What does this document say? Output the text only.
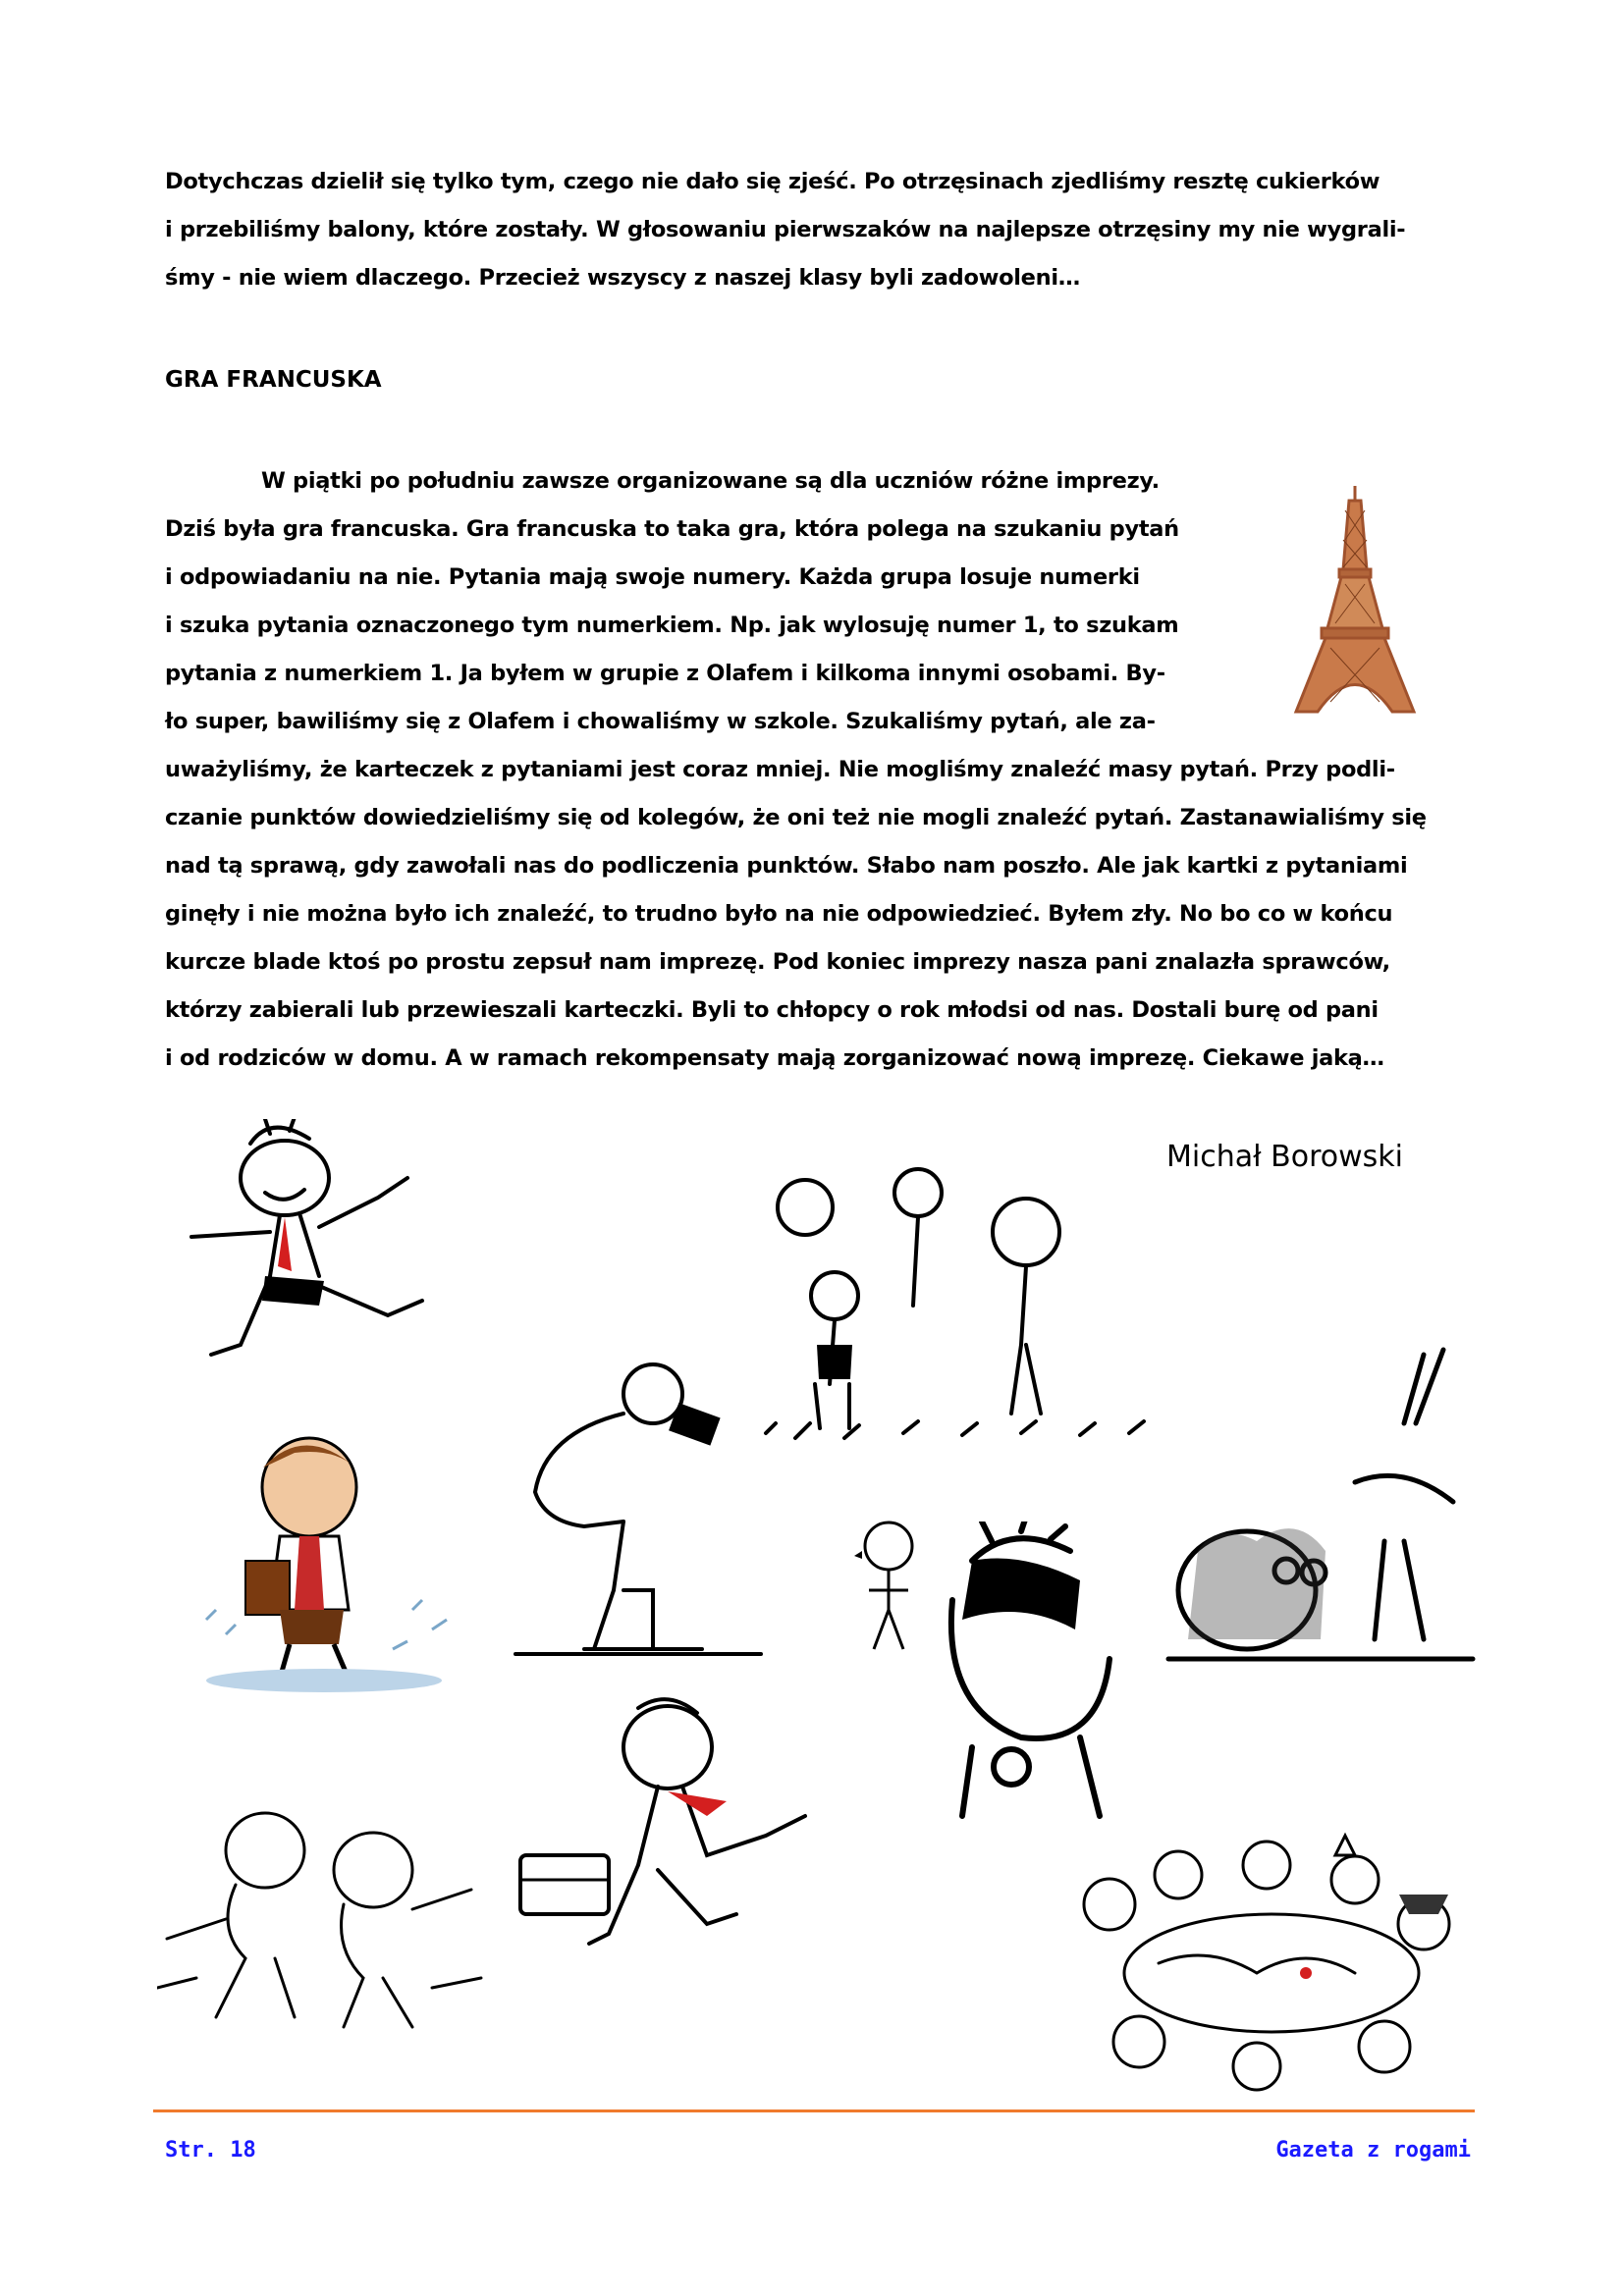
Dotychczas dzielił się tylko tym, czego nie dało się zjeść. Po otrzęsinach zjedliśmy resztę cukierków
i przebiliśmy balony, które zostały. W głosowaniu pierwszaków na najlepsze otrzęsiny my nie wygrali-
śmy - nie wiem dlaczego. Przecież wszyscy z naszej klasy byli zadowoleni…
GRA FRANCUSKA
W piątki po południu zawsze organizowane są dla uczniów różne imprezy.
Dziś była gra francuska. Gra francuska to taka gra, która polega na szukaniu pytań
i odpowiadaniu na nie. Pytania mają swoje numery. Każda grupa losuje numerki
i szuka pytania oznaczonego tym numerkiem. Np. jak wylosuję numer 1, to szukam
pytania z numerkiem 1. Ja byłem w grupie z Olafem i kilkoma innymi osobami. By-
ło super, bawiliśmy się z Olafem i chowaliśmy w szkole. Szukaliśmy pytań, ale za-
uważyliśmy, że karteczek z pytaniami jest coraz mniej. Nie mogliśmy znaleźć masy pytań. Przy podli-
czanie punktów dowiedzieliśmy się od kolegów, że oni też nie mogli znaleźć pytań. Zastanawialiśmy się
nad tą sprawą, gdy zawołali nas do podliczenia punktów. Słabo nam poszło. Ale jak kartki z pytaniami
ginęły i nie można było ich znaleźć, to trudno było na nie odpowiedzieć. Byłem zły. No bo co w końcu
kurcze blade ktoś po prostu zepsuł nam imprezę. Pod koniec imprezy nasza pani znalazła sprawców,
którzy zabierali lub przewieszali karteczki. Byli to chłopcy o rok młodsi od nas. Dostali burę od pani
i od rodziców w domu. A w ramach rekompensaty mają zorganizować nową imprezę. Ciekawe jaką…
Michał Borowski
Str. 18	Gazeta z rogami
